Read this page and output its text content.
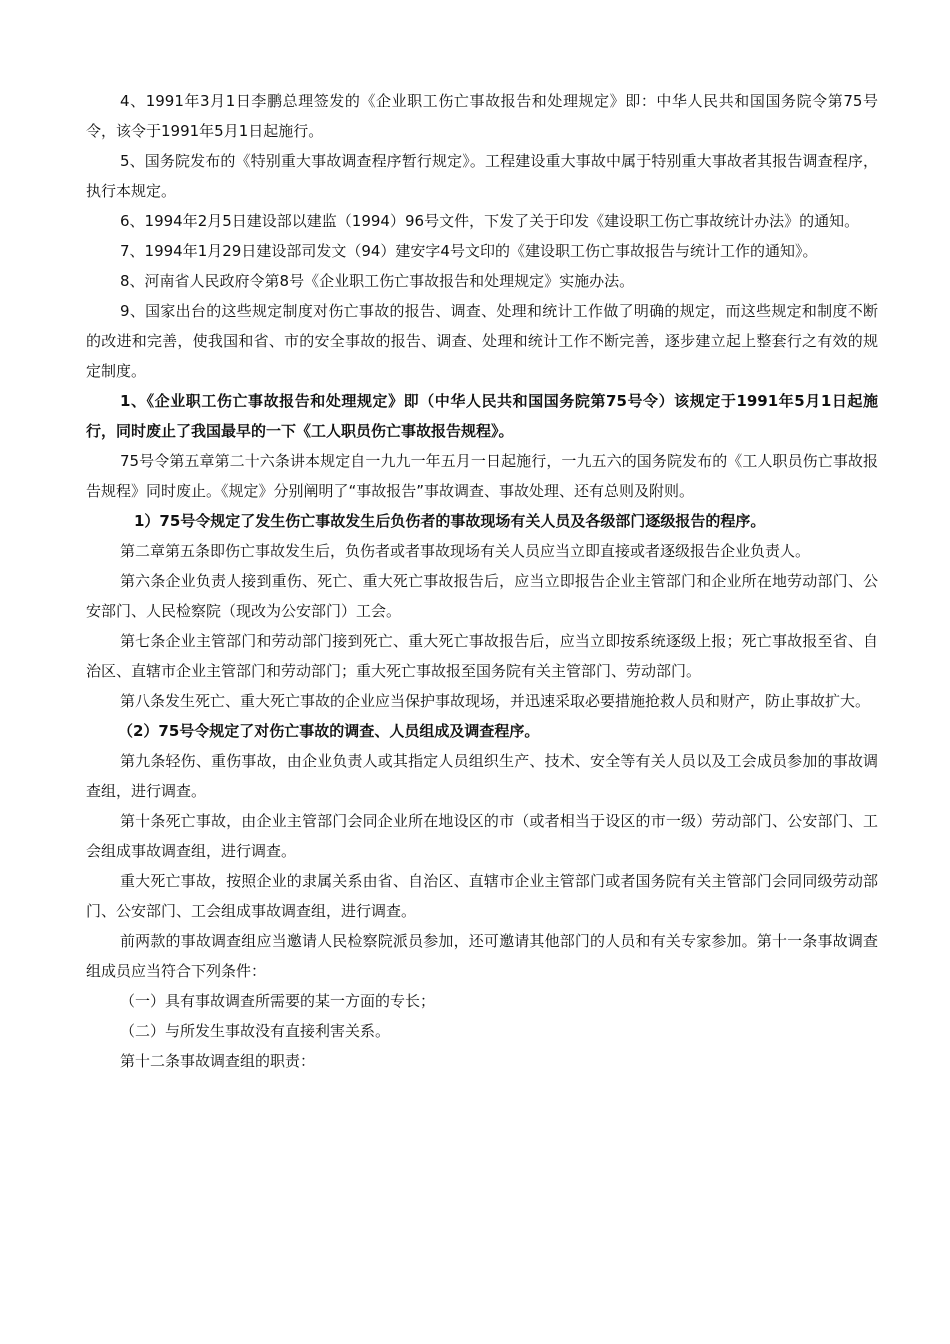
4、1991年3月1日李鹏总理签发的《企业职工伤亡事故报告和处理规定》即：中华人民共和国国务院令第75号令，该令于1991年5月1日起施行。

5、国务院发布的《特别重大事故调查程序暂行规定》。工程建设重大事故中属于特别重大事故者其报告调查程序，执行本规定。

6、1994年2月5日建设部以建监（1994）96号文件，下发了关于印发《建设职工伤亡事故统计办法》的通知。

7、1994年1月29日建设部司发文（94）建安字4号文印的《建设职工伤亡事故报告与统计工作的通知》。

8、河南省人民政府令第8号《企业职工伤亡事故报告和处理规定》实施办法。

9、国家出台的这些规定制度对伤亡事故的报告、调查、处理和统计工作做了明确的规定，而这些规定和制度不断的改进和完善，使我国和省、市的安全事故的报告、调查、处理和统计工作不断完善，逐步建立起上整套行之有效的规定制度。

1、《企业职工伤亡事故报告和处理规定》即（中华人民共和国国务院第75号令）该规定于1991年5月1日起施行，同时废止了我国最早的一下《工人职员伤亡事故报告规程》。

75号令第五章第二十六条讲本规定自一九九一年五月一日起施行，一九五六的国务院发布的《工人职员伤亡事故报告规程》同时废止。《规定》分别阐明了“事故报告”事故调查、事故处理、还有总则及附则。

1）75号令规定了发生伤亡事故发生后负伤者的事故现场有关人员及各级部门逐级报告的程序。

第二章第五条即伤亡事故发生后，负伤者或者事故现场有关人员应当立即直接或者逐级报告企业负责人。

第六条企业负责人接到重伤、死亡、重大死亡事故报告后，应当立即报告企业主管部门和企业所在地劳动部门、公安部门、人民检察院（现改为公安部门）工会。

第七条企业主管部门和劳动部门接到死亡、重大死亡事故报告后，应当立即按系统逐级上报；死亡事故报至省、自治区、直辖市企业主管部门和劳动部门；重大死亡事故报至国务院有关主管部门、劳动部门。

第八条发生死亡、重大死亡事故的企业应当保护事故现场，并迅速采取必要措施抢救人员和财产，防止事故扩大。

（2）75号令规定了对伤亡事故的调查、人员组成及调查程序。

第九条轻伤、重伤事故，由企业负责人或其指定人员组织生产、技术、安全等有关人员以及工会成员参加的事故调查组，进行调查。

第十条死亡事故，由企业主管部门会同企业所在地设区的市（或者相当于设区的市一级）劳动部门、公安部门、工会组成事故调查组，进行调查。

重大死亡事故，按照企业的隶属关系由省、自治区、直辖市企业主管部门或者国务院有关主管部门会同同级劳动部门、公安部门、工会组成事故调查组，进行调查。

前两款的事故调查组应当邀请人民检察院派员参加，还可邀请其他部门的人员和有关专家参加。第十一条事故调查组成员应当符合下列条件：

（一）具有事故调查所需要的某一方面的专长；

（二）与所发生事故没有直接利害关系。

第十二条事故调查组的职责：
